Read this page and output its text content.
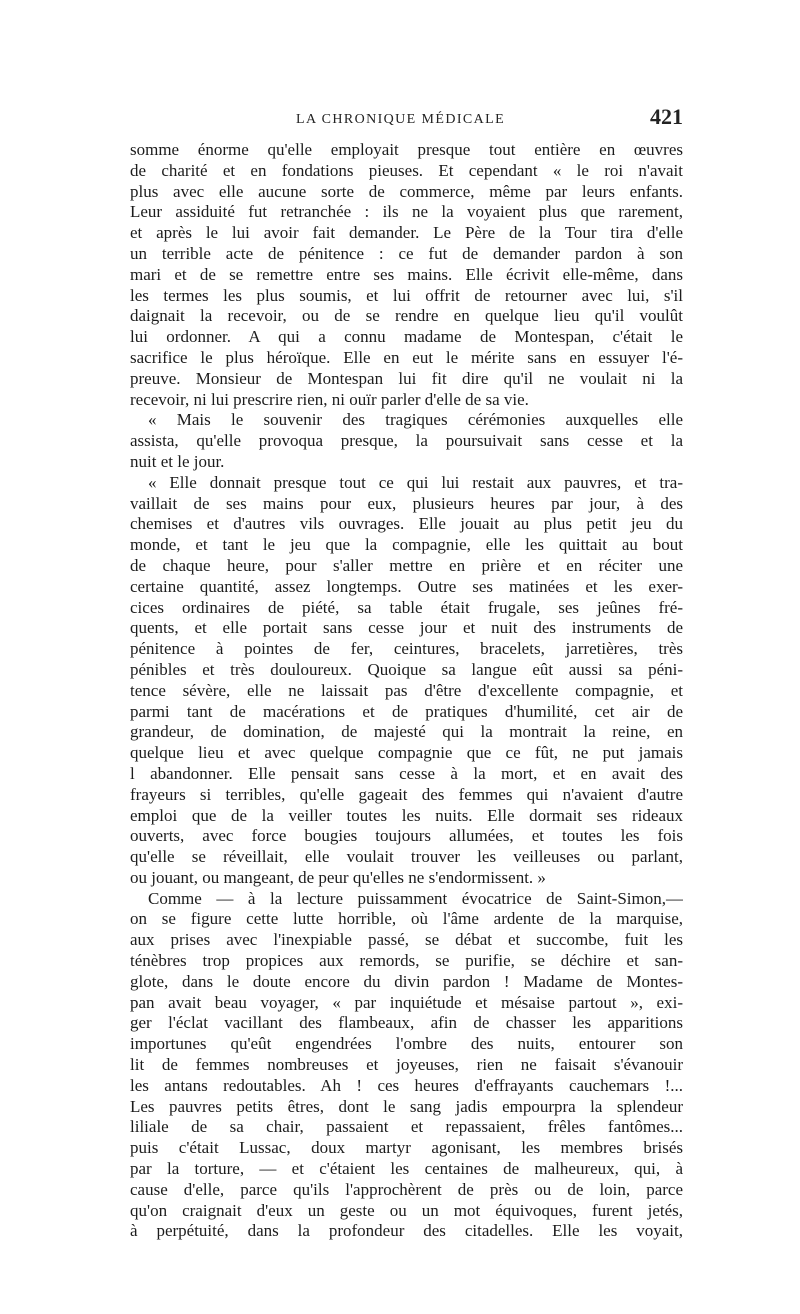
LA CHRONIQUE MÉDICALE	421
somme énorme qu'elle employait presque tout entière en œuvres
de charité et en fondations pieuses. Et cependant « le roi n'avait
plus avec elle aucune sorte de commerce, même par leurs enfants.
Leur assiduité fut retranchée : ils ne la voyaient plus que rarement,
et après le lui avoir fait demander. Le Père de la Tour tira d'elle
un terrible acte de pénitence : ce fut de demander pardon à son
mari et de se remettre entre ses mains. Elle écrivit elle-même, dans
les termes les plus soumis, et lui offrit de retourner avec lui, s'il
daignait la recevoir, ou de se rendre en quelque lieu qu'il voulût
lui ordonner. A qui a connu madame de Montespan, c'était le
sacrifice le plus héroïque. Elle en eut le mérite sans en essuyer l'é-
preuve. Monsieur de Montespan lui fit dire qu'il ne voulait ni la
recevoir, ni lui prescrire rien, ni ouïr parler d'elle de sa vie.
« Mais le souvenir des tragiques cérémonies auxquelles elle
assista, qu'elle provoqua presque, la poursuivait sans cesse et la
nuit et le jour.
« Elle donnait presque tout ce qui lui restait aux pauvres, et tra-
vaillait de ses mains pour eux, plusieurs heures par jour, à des
chemises et d'autres vils ouvrages. Elle jouait au plus petit jeu du
monde, et tant le jeu que la compagnie, elle les quittait au bout
de chaque heure, pour s'aller mettre en prière et en réciter une
certaine quantité, assez longtemps. Outre ses matinées et les exer-
cices ordinaires de piété, sa table était frugale, ses jeûnes fré-
quents, et elle portait sans cesse jour et nuit des instruments de
pénitence à pointes de fer, ceintures, bracelets, jarretières, très
pénibles et très douloureux. Quoique sa langue eût aussi sa péni-
tence sévère, elle ne laissait pas d'être d'excellente compagnie, et
parmi tant de macérations et de pratiques d'humilité, cet air de
grandeur, de domination, de majesté qui la montrait la reine, en
quelque lieu et avec quelque compagnie que ce fût, ne put jamais
l abandonner. Elle pensait sans cesse à la mort, et en avait des
frayeurs si terribles, qu'elle gageait des femmes qui n'avaient d'autre
emploi que de la veiller toutes les nuits. Elle dormait ses rideaux
ouverts, avec force bougies toujours allumées, et toutes les fois
qu'elle se réveillait, elle voulait trouver les veilleuses ou parlant,
ou jouant, ou mangeant, de peur qu'elles ne s'endormissent. »
Comme — à la lecture puissamment évocatrice de Saint-Simon,—
on se figure cette lutte horrible, où l'âme ardente de la marquise,
aux prises avec l'inexpiable passé, se débat et succombe, fuit les
ténèbres trop propices aux remords, se purifie, se déchire et san-
glote, dans le doute encore du divin pardon ! Madame de Montes-
pan avait beau voyager, « par inquiétude et mésaise partout », exi-
ger l'éclat vacillant des flambeaux, afin de chasser les apparitions
importunes qu'eût engendrées l'ombre des nuits, entourer son
lit de femmes nombreuses et joyeuses, rien ne faisait s'évanouir
les antans redoutables. Ah ! ces heures d'effrayants cauchemars !...
Les pauvres petits êtres, dont le sang jadis empourpra la splendeur
liliale de sa chair, passaient et repassaient, frêles fantômes...
puis c'était Lussac, doux martyr agonisant, les membres brisés
par la torture, — et c'étaient les centaines de malheureux, qui, à
cause d'elle, parce qu'ils l'approchèrent de près ou de loin, parce
qu'on craignait d'eux un geste ou un mot équivoques, furent jetés,
à perpétuité, dans la profondeur des citadelles. Elle les voyait,
